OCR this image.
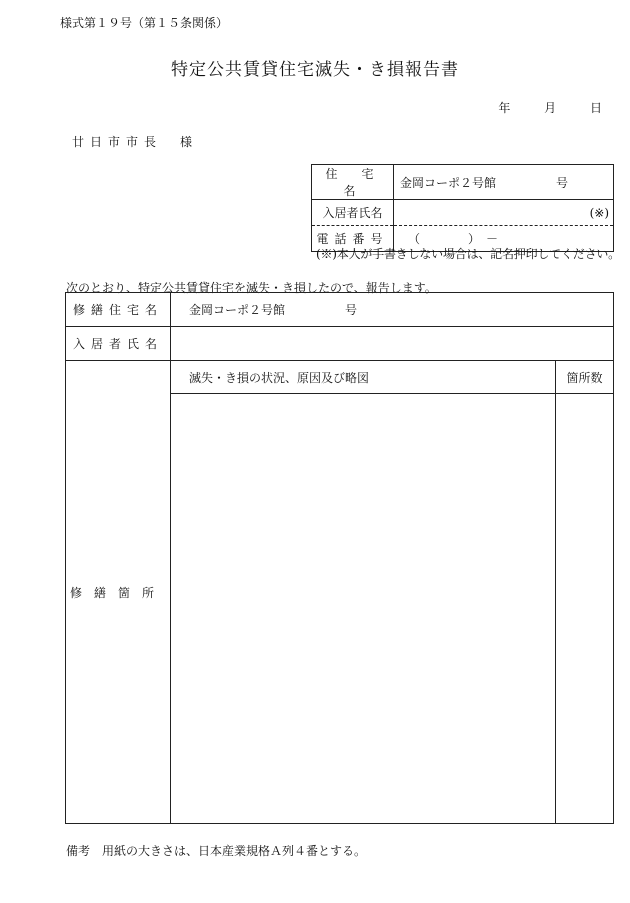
様式第１９号（第１５条関係）
特定公共賃貸住宅滅失・き損報告書
年 月 日
廿日市市長　様
住　宅　名	金岡コーポ２号館　　　　　号
入居者氏名	(※)

電話番号	（　　　　）　－
(※)本人が手書きしない場合は、記名押印してください。
次のとおり、特定公共賃貸住宅を滅失・き損したので、報告します。
修繕住宅名	金岡コーポ２号館　　　　　号	
入居者氏名		
修繕箇所	滅失・き損の状況、原因及び略図	箇所数

備考　用紙の大きさは、日本産業規格Ａ列４番とする。
